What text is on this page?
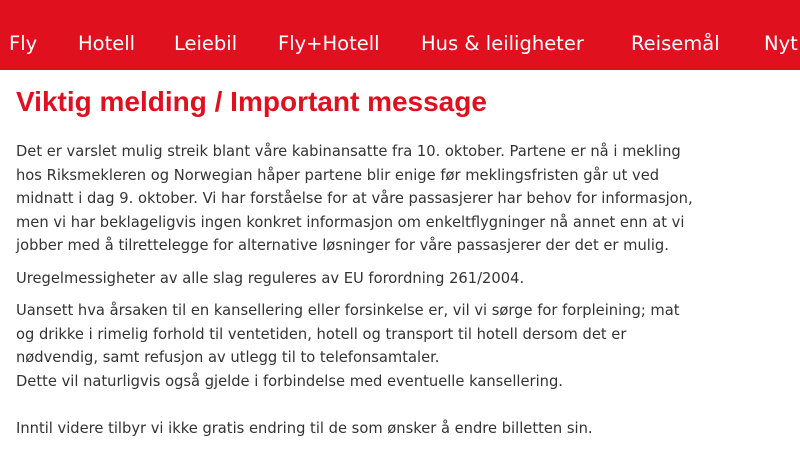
Fly Hotell Leiebil Fly+Hotell Hus & leiligheter Reisemål Nyt
Viktig melding / Important message
Det er varslet mulig streik blant våre kabinansatte fra 10. oktober. Partene er nå i mekling
hos Riksmekleren og Norwegian håper partene blir enige før meklingsfristen går ut ved
midnatt i dag 9. oktober. Vi har forståelse for at våre passasjerer har behov for informasjon,
men vi har beklageligvis ingen konkret informasjon om enkeltflygninger nå annet enn at vi
jobber med å tilrettelegge for alternative løsninger for våre passasjerer der det er mulig.
Uregelmessigheter av alle slag reguleres av EU forordning 261/2004.
Uansett hva årsaken til en kansellering eller forsinkelse er, vil vi sørge for forpleining; mat
og drikke i rimelig forhold til ventetiden, hotell og transport til hotell dersom det er
nødvendig, samt refusjon av utlegg til to telefonsamtaler.
Dette vil naturligvis også gjelde i forbindelse med eventuelle kansellering.
Inntil videre tilbyr vi ikke gratis endring til de som ønsker å endre billetten sin.
